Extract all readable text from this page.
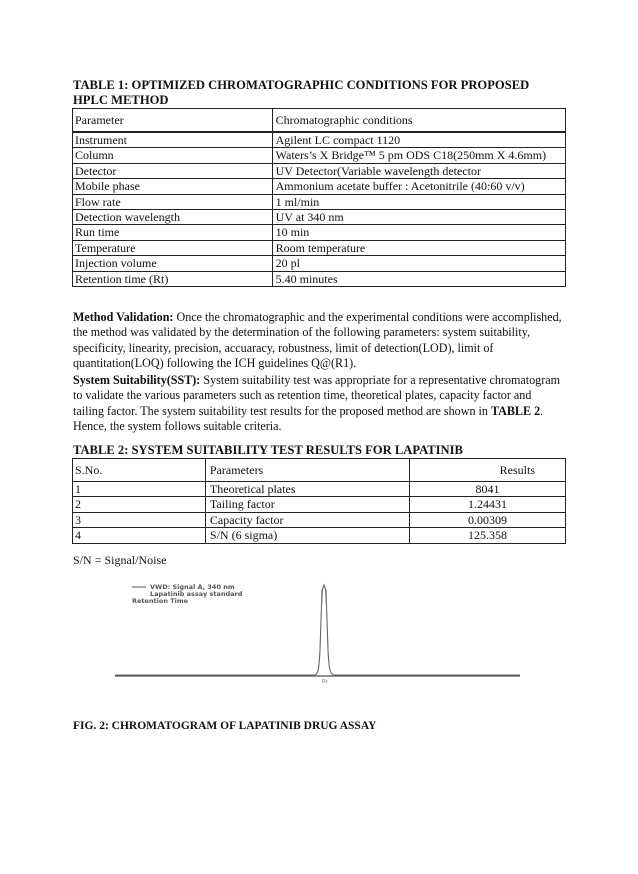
TABLE 1: OPTIMIZED CHROMATOGRAPHIC CONDITIONS FOR PROPOSED HPLC METHOD
Parameter	Chromatographic conditions
Instrument	Agilent LC compact 1120
Column	Waters’s X Bridge™ 5 pm ODS C18(250mm X 4.6mm)
Detector	UV Detector(Variable wavelength detector
Mobile phase	Ammonium acetate buffer : Acetonitrile (40:60 v/v)
Flow rate	1 ml/min
Detection wavelength	UV at 340 nm
Run time	10 min
Temperature	Room temperature
Injection volume	20 pl
Retention time (Rt)	5.40 minutes

Method Validation: Once the chromatographic and the experimental conditions were accomplished, the method was validated by the determination of the following parameters: system suitability, specificity, linearity, precision, accuaracy, robustness, limit of detection(LOD), limit of quantitation(LOQ) following the ICH guidelines Q@(R1).

System Suitability(SST): System suitability test was appropriate for a representative chromatogram to validate the various parameters such as retention time, theoretical plates, capacity factor and tailing factor. The system suitability test results for the proposed method are shown in TABLE 2. Hence, the system follows suitable criteria.

TABLE 2: SYSTEM SUITABILITY TEST RESULTS FOR LAPATINIB
S.No.	Parameters	Results
1	Theoretical plates	8041
2	Tailing factor	1.24431
3	Capacity factor	0.00309
4	S/N (6 sigma)	125.358
S/N = Signal/Noise
VWD: Signal A, 340 nm
Lapatinib assay standard
Retention Time
Rt
FIG. 2: CHROMATOGRAM OF LAPATINIB DRUG ASSAY
